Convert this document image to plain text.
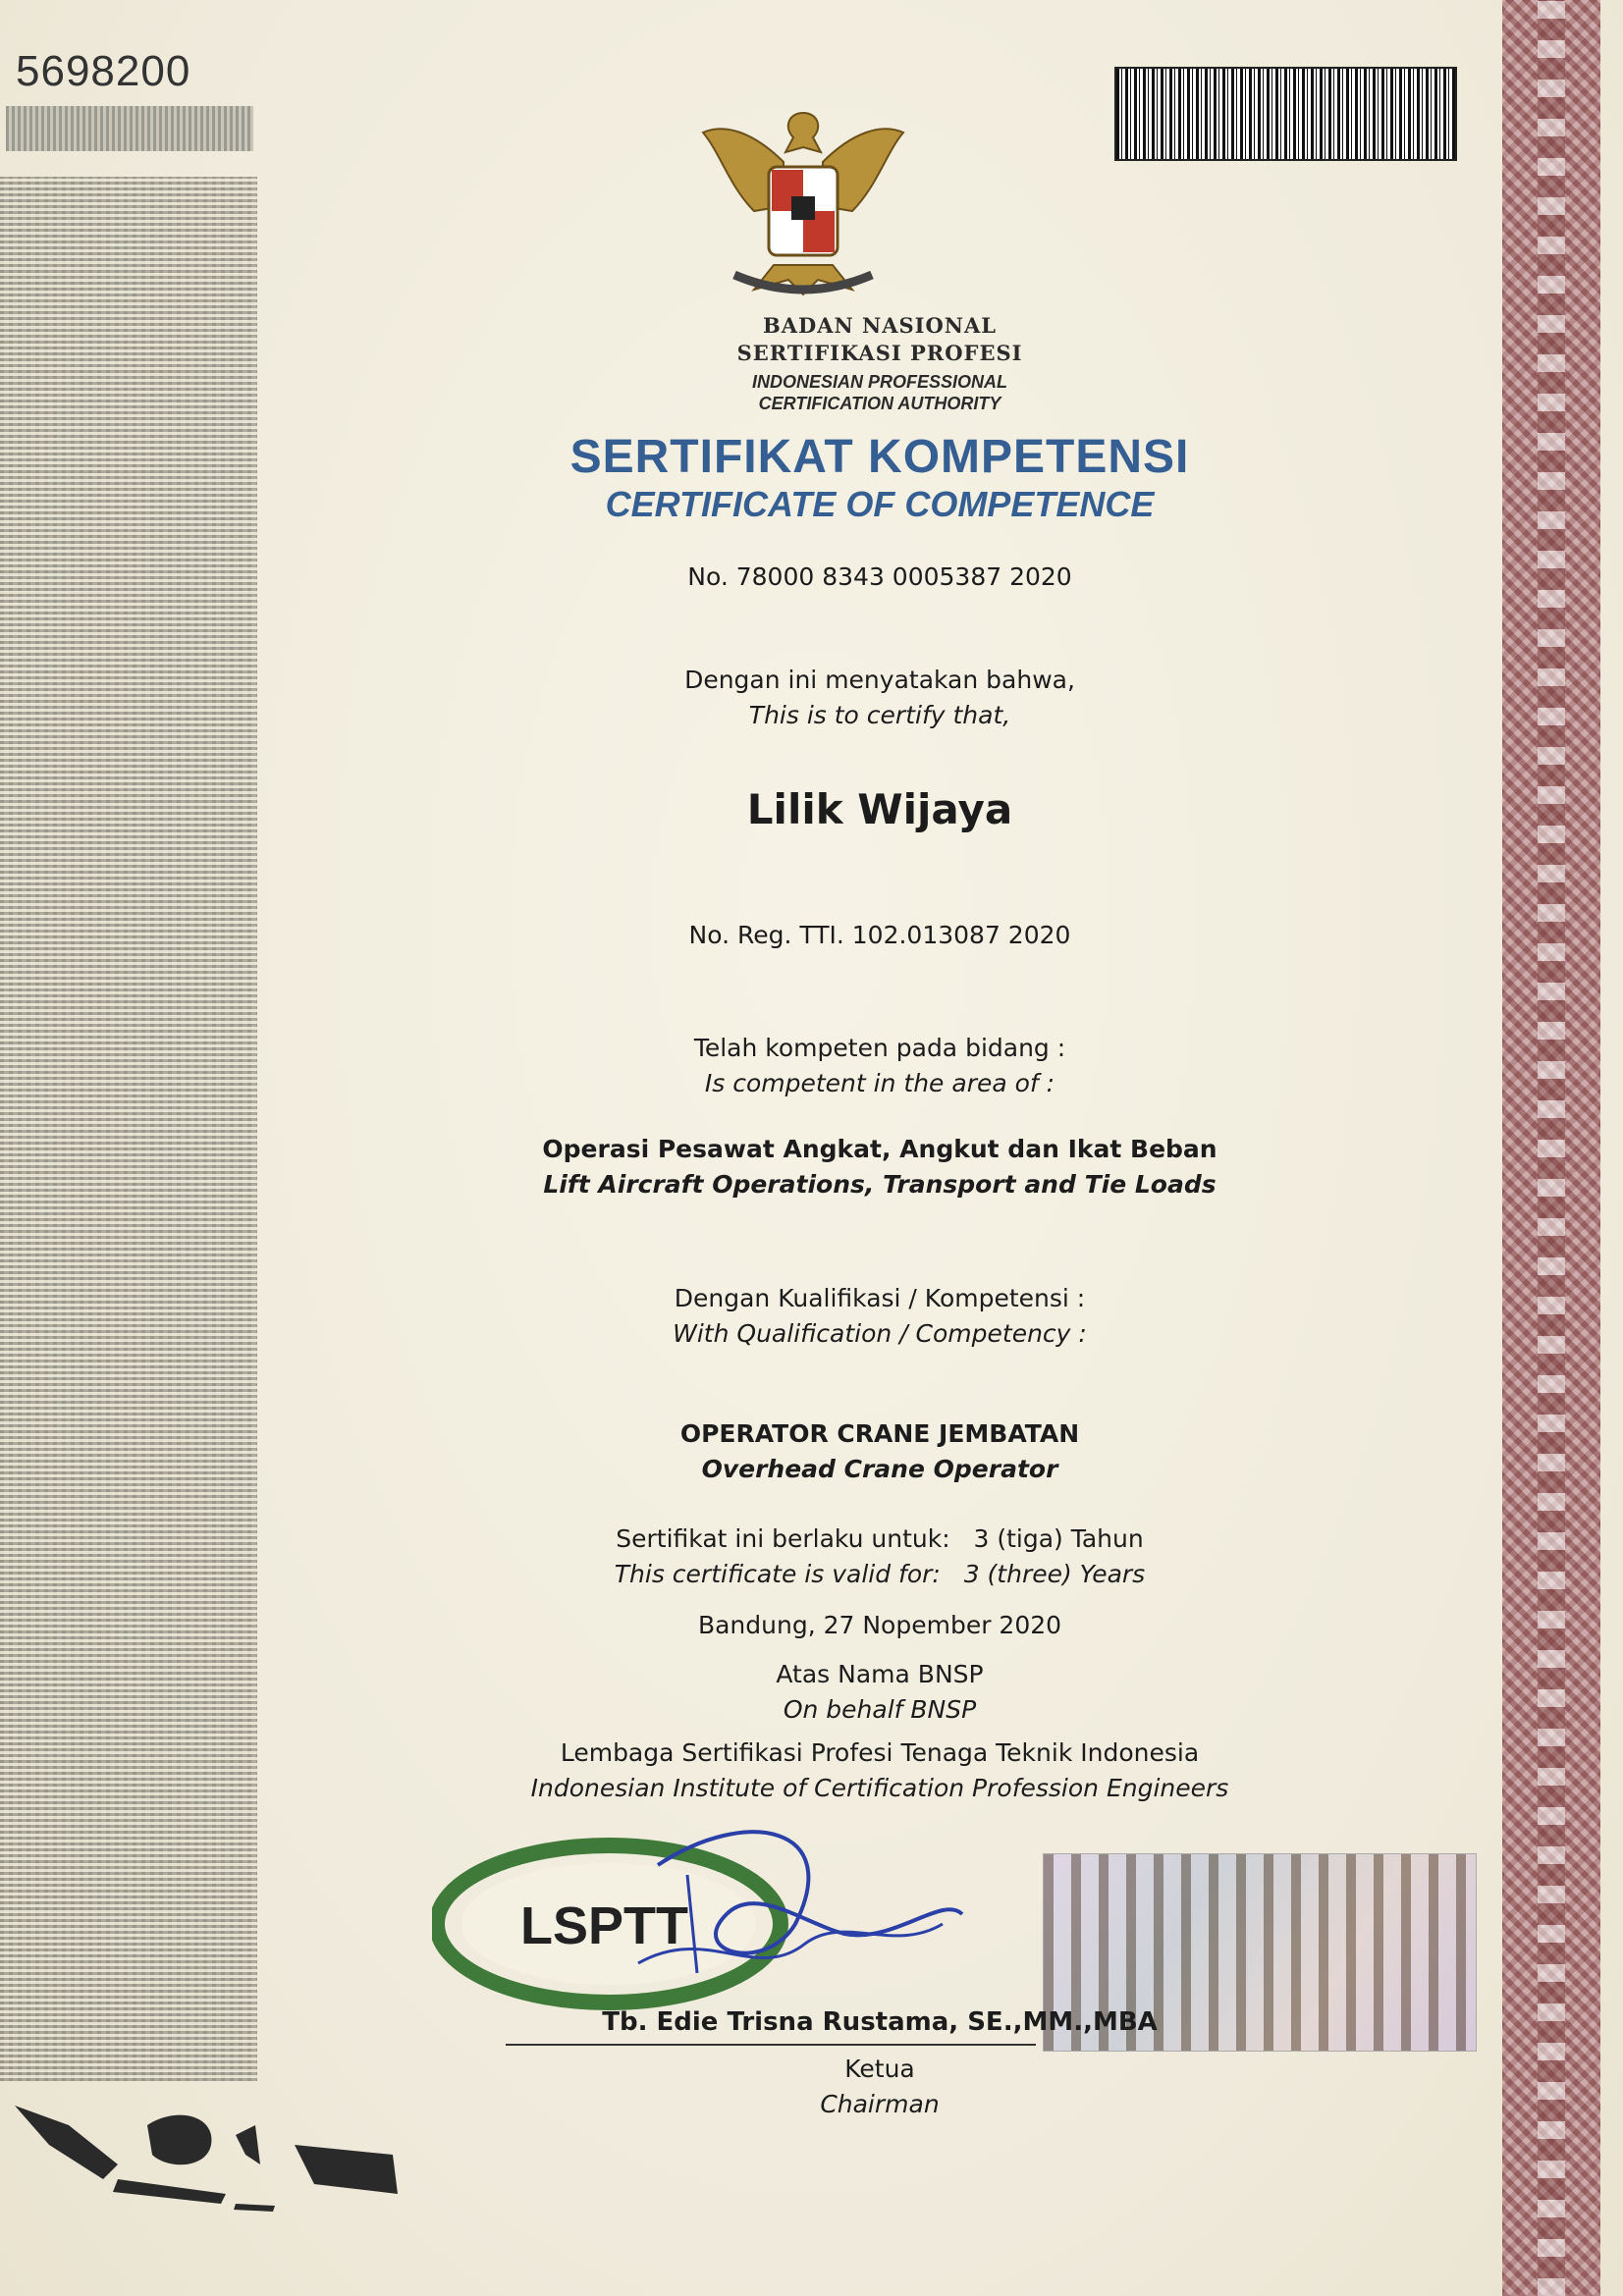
5698200
BADAN NASIONAL
SERTIFIKASI PROFESI
INDONESIAN PROFESSIONAL
CERTIFICATION AUTHORITY
SERTIFIKAT KOMPETENSI
CERTIFICATE OF COMPETENCE
No. 78000 8343 0005387 2020
Dengan ini menyatakan bahwa,
This is to certify that,
Lilik Wijaya
No. Reg. TTI. 102.013087 2020
Telah kompeten pada bidang :
Is competent in the area of :
Operasi Pesawat Angkat, Angkut dan Ikat Beban
Lift Aircraft Operations, Transport and Tie Loads
Dengan Kualifikasi / Kompetensi :
With Qualification / Competency :
OPERATOR CRANE JEMBATAN
Overhead Crane Operator
Sertifikat ini berlaku untuk: 3 (tiga) Tahun
This certificate is valid for: 3 (three) Years
Bandung, 27 Nopember 2020
Atas Nama BNSP
On behalf BNSP
Lembaga Sertifikasi Profesi Tenaga Teknik Indonesia
Indonesian Institute of Certification Profession Engineers
LSPTT
Tb. Edie Trisna Rustama, SE.,MM.,MBA
Ketua
Chairman
